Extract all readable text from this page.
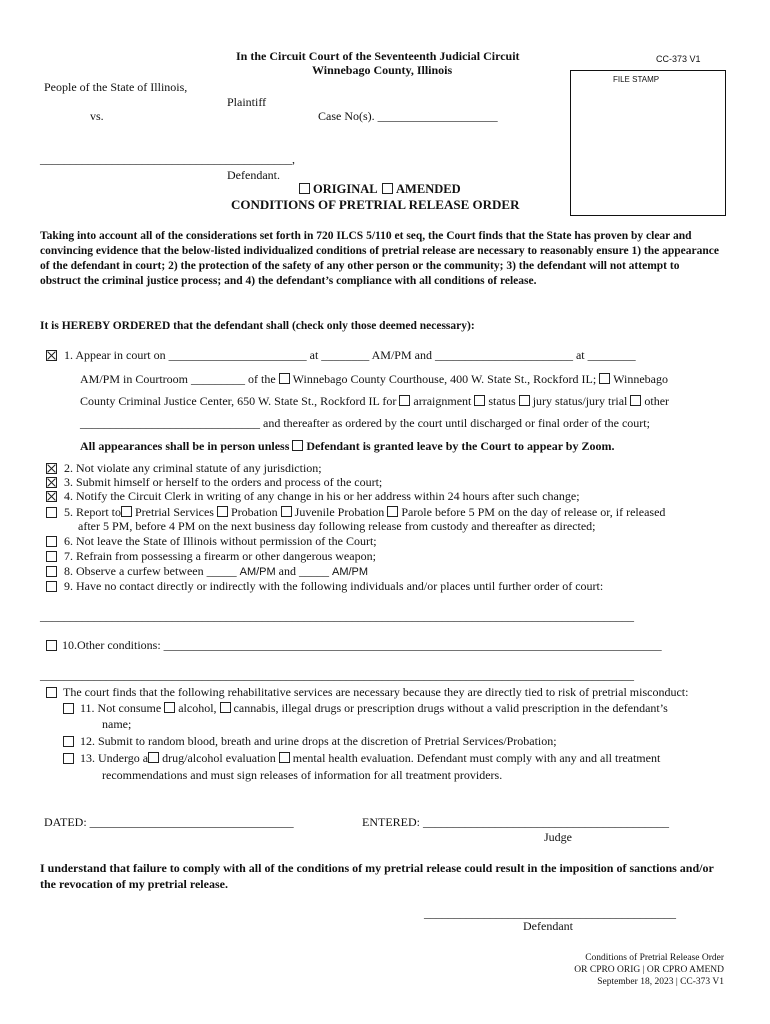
In the Circuit Court of the Seventeenth Judicial Circuit
Winnebago County, Illinois
CC-373 V1
FILE STAMP
People of the State of Illinois,
Plaintiff
vs.	Case No(s). ____________________
__________________________________________,
Defendant.
ORIGINAL AMENDED
CONDITIONS OF PRETRIAL RELEASE ORDER
Taking into account all of the considerations set forth in 720 ILCS 5/110 et seq, the Court finds that the State has proven by clear and convincing evidence that the below-listed individualized conditions of pretrial release are necessary to reasonably ensure 1) the appearance of the defendant in court; 2) the protection of the safety of any other person or the community; 3) the defendant will not attempt to obstruct the criminal justice process; and 4) the defendant’s compliance with all conditions of release.
It is HEREBY ORDERED that the defendant shall (check only those deemed necessary):
1. Appear in court on _______________________ at ________ AM/PM and _______________________ at ________
AM/PM in Courtroom _________ of the Winnebago County Courthouse, 400 W. State St., Rockford IL; Winnebago
County Criminal Justice Center, 650 W. State St., Rockford IL for arraignment status jury status/jury trial other
______________________________ and thereafter as ordered by the court until discharged or final order of the court;
All appearances shall be in person unless Defendant is granted leave by the Court to appear by Zoom.
2. Not violate any criminal statute of any jurisdiction;
3. Submit himself or herself to the orders and process of the court;
4. Notify the Circuit Clerk in writing of any change in his or her address within 24 hours after such change;
5. Report to Pretrial Services Probation Juvenile Probation Parole before 5 PM on the day of release or, if released
after 5 PM, before 4 PM on the next business day following release from custody and thereafter as directed;
6. Not leave the State of Illinois without permission of the Court;
7. Refrain from possessing a firearm or other dangerous weapon;
8. Observe a curfew between _____ AM/PM and _____ AM/PM
9. Have no contact directly or indirectly with the following individuals and/or places until further order of court:
___________________________________________________________________________________________________
10.Other conditions: ___________________________________________________________________________________
___________________________________________________________________________________________________
The court finds that the following rehabilitative services are necessary because they are directly tied to risk of pretrial misconduct:
11. Not consume alcohol, cannabis, illegal drugs or prescription drugs without a valid prescription in the defendant’s
name;
12. Submit to random blood, breath and urine drops at the discretion of Pretrial Services/Probation;
13. Undergo a drug/alcohol evaluation mental health evaluation. Defendant must comply with any and all treatment
recommendations and must sign releases of information for all treatment providers.
DATED: __________________________________	ENTERED: _________________________________________
Judge
I understand that failure to comply with all of the conditions of my pretrial release could result in the imposition of sanctions and/or the revocation of my pretrial release.
__________________________________________
Defendant
Conditions of Pretrial Release Order
OR CPRO ORIG | OR CPRO AMEND
September 18, 2023 | CC-373 V1
